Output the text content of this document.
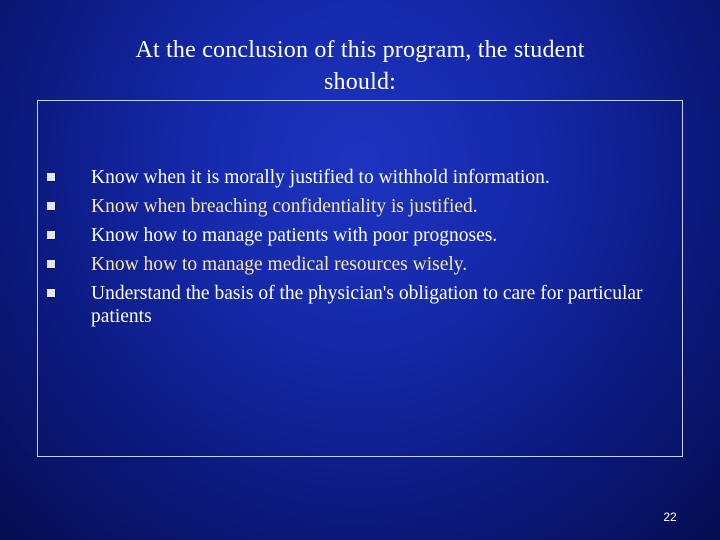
At the conclusion of this program, the student
should:
Know when it is morally justified to withhold information.
Know when breaching confidentiality is justified.
Know how to manage patients with poor prognoses.
Know how to manage medical resources wisely.
Understand the basis of the physician's obligation to care for particular patients
22
